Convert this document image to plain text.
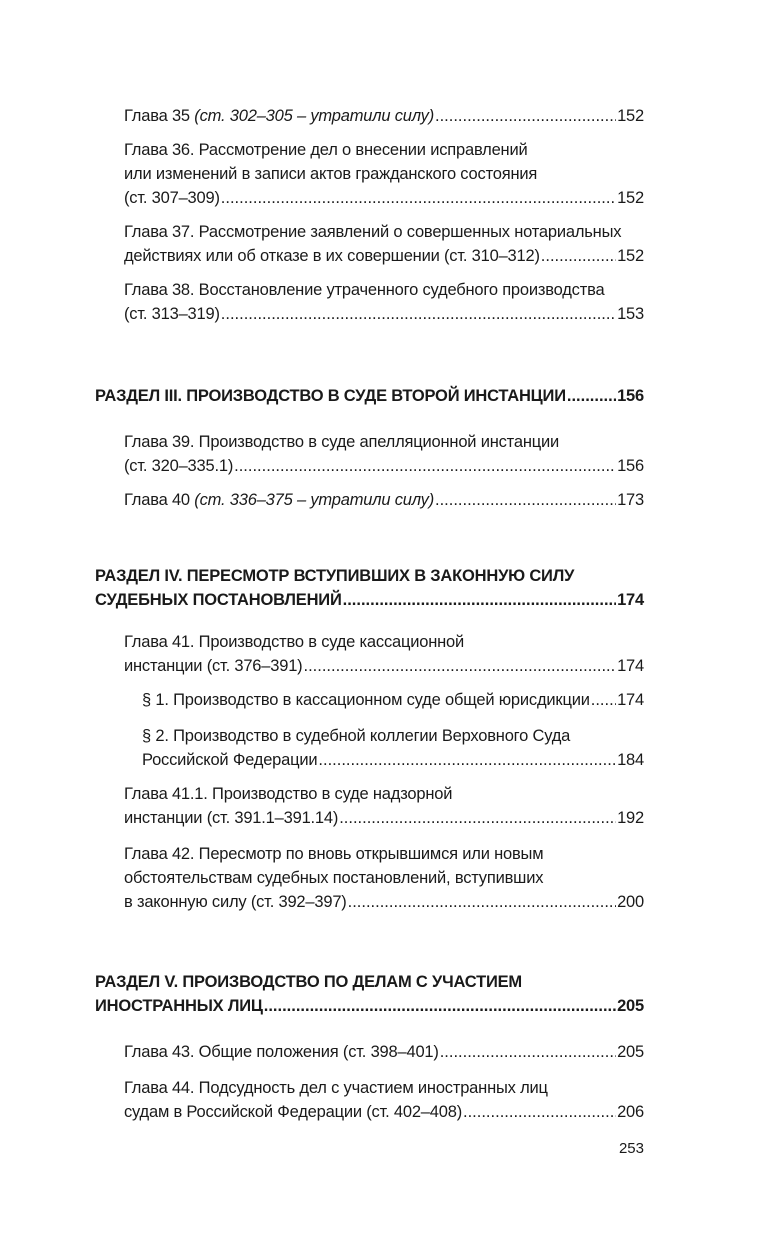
Глава 35 (ст. 302–305 – утратили силу) .....	152
Глава 36. Рассмотрение дел о внесении исправлений
или изменений в записи актов гражданского состояния
(ст. 307–309) .....	152
Глава 37. Рассмотрение заявлений о совершенных нотариальных
действиях или об отказе в их совершении (ст. 310–312) .....	152
Глава 38. Восстановление утраченного судебного производства
(ст. 313–319) .....	153
РАЗДЕЛ III. ПРОИЗВОДСТВО В СУДЕ ВТОРОЙ ИНСТАНЦИИ .....	156
Глава 39. Производство в суде апелляционной инстанции
(ст. 320–335.1) .....	156
Глава 40 (ст. 336–375 – утратили силу) .....	173
РАЗДЕЛ IV. ПЕРЕСМОТР ВСТУПИВШИХ В ЗАКОННУЮ СИЛУ
СУДЕБНЫХ ПОСТАНОВЛЕНИЙ .....	174
Глава 41. Производство в суде кассационной
инстанции (ст. 376–391) .....	174
§ 1. Производство в кассационном суде общей юрисдикции ..... 174
§ 2. Производство в судебной коллегии Верховного Суда
Российской Федерации .....	184
Глава 41.1. Производство в суде надзорной
инстанции (ст. 391.1–391.14) .....	192
Глава 42. Пересмотр по вновь открывшимся или новым
обстоятельствам судебных постановлений, вступивших
в законную силу (ст. 392–397) .....	200
РАЗДЕЛ V. ПРОИЗВОДСТВО ПО ДЕЛАМ С УЧАСТИЕМ
ИНОСТРАННЫХ ЛИЦ .....	205
Глава 43. Общие положения (ст. 398–401) .....	205
Глава 44. Подсудность дел с участием иностранных лиц
судам в Российской Федерации (ст. 402–408) .....	206
253
